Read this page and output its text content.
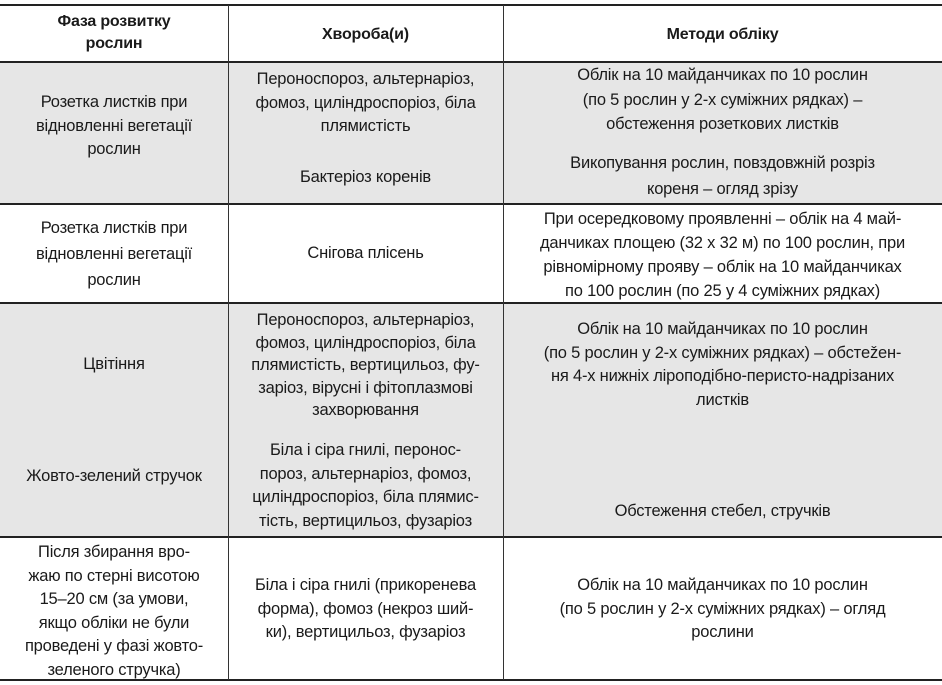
Фаза розвитку
рослин
Хвороба(и)	Методи обліку
Розетка листків при
відновленні вегетації
рослин
Пероноспороз, альтернаріоз,
фомоз, циліндроспоріоз, біла
плямистість
Бактеріоз коренів
Облік на 10 майданчиках по 10 рослин
(по 5 рослин у 2-х суміжних рядках) –
обстеження розеткових листків
Викопування рослин, повздовжній розріз
кореня – огляд зрізу
Розетка листків при
відновленні вегетації
рослин
Снігова плісень
При осередковому проявленні – облік на 4 май-
данчиках площею (32 х 32 м) по 100 рослин, при
рівномірному прояву – облік на 10 майданчиках
по 100 рослин (по 25 у 4 суміжних рядках)
Цвітіння
Жовто-зелений стручок
Пероноспороз, альтернаріоз,
фомоз, циліндроспоріоз, біла
плямистість, вертицильоз, фу-
заріоз, вірусні і фітоплазмові
захворювання
Біла і сіра гнилі, перонос-
пороз, альтернаріоз, фомоз,
циліндроспоріоз, біла плямис-
тість, вертицильоз, фузаріоз
Облік на 10 майданчиках по 10 рослин
(по 5 рослин у 2-х суміжних рядках) – обстežен-
ня 4-х нижніх ліроподібно-перисто-надрізаних
листків
Обстеження стебел, стручків
Після збирання вро-
жаю по стерні висотою
15–20 см (за умови,
якщо обліки не були
проведені у фазі жовто-
зеленого стручка)
Біла і сіра гнилі (прикоренева
форма), фомоз (некроз ший-
ки), вертицильоз, фузаріоз
Облік на 10 майданчиках по 10 рослин
(по 5 рослин у 2-х суміжних рядках) – огляд
рослини
